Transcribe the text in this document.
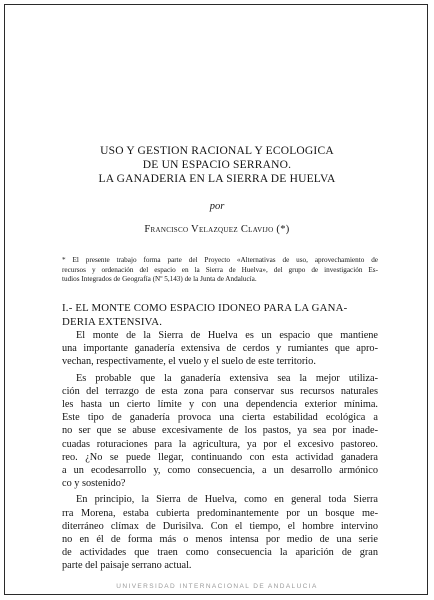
USO Y GESTION RACIONAL Y ECOLOGICA
DE UN ESPACIO SERRANO.
LA GANADERIA EN LA SIERRA DE HUELVA
por
Francisco Velazquez Clavijo (*)
* El presente trabajo forma parte del Proyecto «Alternativas de uso, aprovechamiento de
recursos y ordenación del espacio en la Sierra de Huelva», del grupo de investigación Es-
tudios Integrados de Geografía (Nº 5,143) de la Junta de Andalucía.
I.- EL MONTE COMO ESPACIO IDONEO PARA LA GANA-
DERIA EXTENSIVA.
El monte de la Sierra de Huelva es un espacio que mantiene
una importante ganadería extensiva de cerdos y rumiantes que apro-
vechan, respectivamente, el vuelo y el suelo de este territorio.
Es probable que la ganadería extensiva sea la mejor utiliza-
ción del terrazgo de esta zona para conservar sus recursos naturales
les hasta un cierto límite y con una dependencia exterior mínima.
Este tipo de ganadería provoca una cierta estabilidad ecológica a
no ser que se abuse excesivamente de los pastos, ya sea por inade-
cuadas roturaciones para la agricultura, ya por el excesivo pastoreo.
reo. ¿No se puede llegar, continuando con esta actividad ganadera
a un ecodesarrollo y, como consecuencia, a un desarrollo armónico
co y sostenido?
En principio, la Sierra de Huelva, como en general toda Sierra
rra Morena, estaba cubierta predominantemente por un bosque me-
diterráneo clímax de Durisilva. Con el tiempo, el hombre intervino
no en él de forma más o menos intensa por medio de una serie
de actividades que traen como consecuencia la aparición de gran
parte del paisaje serrano actual.
UNIVERSIDAD INTERNACIONAL DE ANDALUCIA
